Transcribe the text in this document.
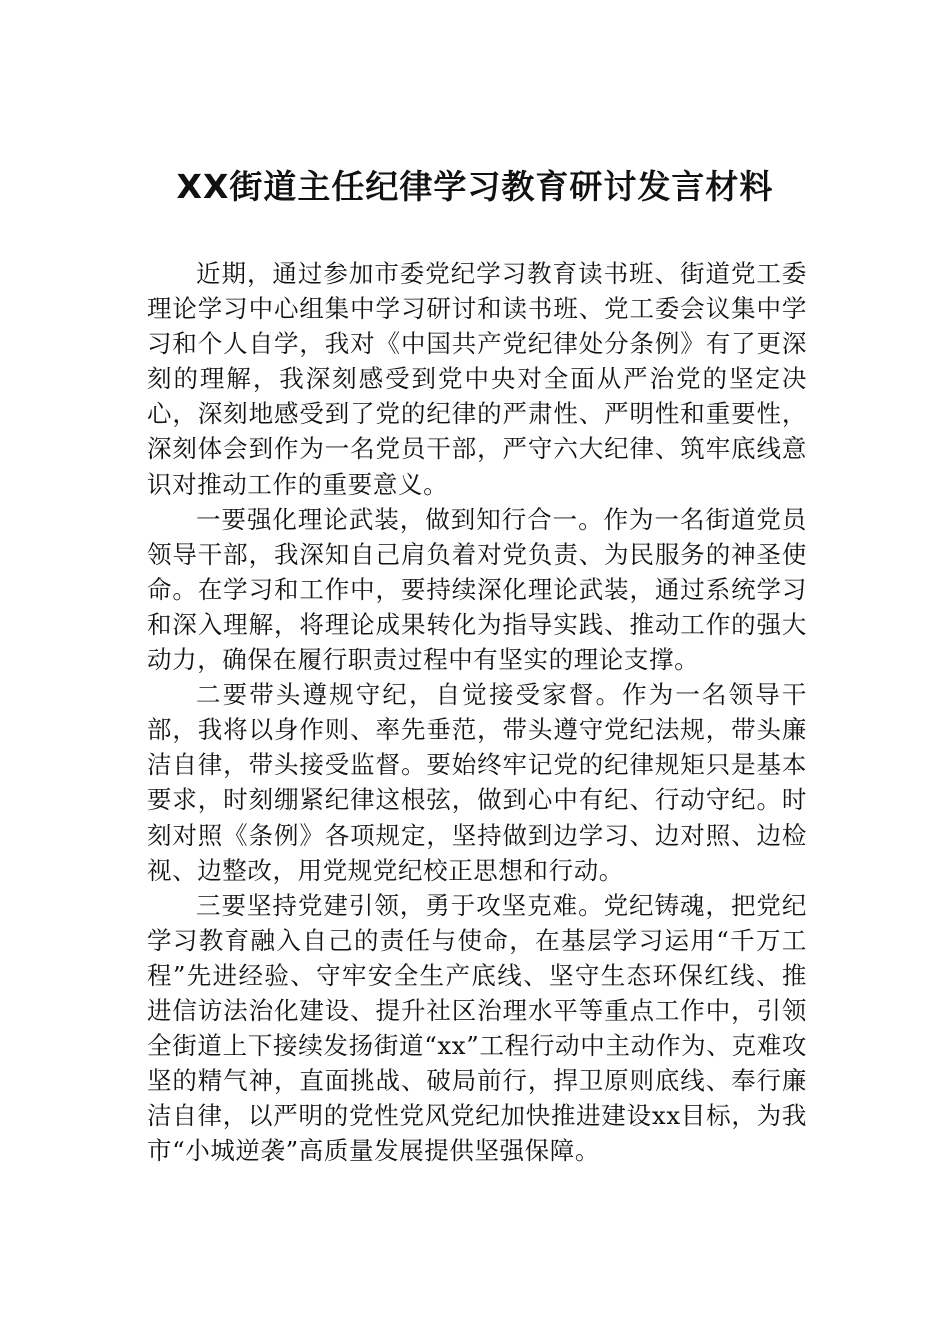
XX街道主任纪律学习教育研讨发言材料

近期，通过参加市委党纪学习教育读书班、街道党工委理论学习中心组集中学习研讨和读书班、党工委会议集中学习和个人自学，我对《中国共产党纪律处分条例》有了更深刻的理解，我深刻感受到党中央对全面从严治党的坚定决心，深刻地感受到了党的纪律的严肃性、严明性和重要性，深刻体会到作为一名党员干部，严守六大纪律、筑牢底线意识对推动工作的重要意义。

一要强化理论武装，做到知行合一。作为一名街道党员领导干部，我深知自己肩负着对党负责、为民服务的神圣使命。在学习和工作中，要持续深化理论武装，通过系统学习和深入理解，将理论成果转化为指导实践、推动工作的强大动力，确保在履行职责过程中有坚实的理论支撑。

二要带头遵规守纪，自觉接受家督。作为一名领导干部，我将以身作则、率先垂范，带头遵守党纪法规，带头廉洁自律，带头接受监督。要始终牢记党的纪律规矩只是基本要求，时刻绷紧纪律这根弦，做到心中有纪、行动守纪。时刻对照《条例》各项规定，坚持做到边学习、边对照、边检视、边整改，用党规党纪校正思想和行动。

三要坚持党建引领，勇于攻坚克难。党纪铸魂，把党纪学习教育融入自己的责任与使命，在基层学习运用“千万工程”先进经验、守牢安全生产底线、坚守生态环保红线、推进信访法治化建设、提升社区治理水平等重点工作中，引领全街道上下接续发扬街道“xx”工程行动中主动作为、克难攻坚的精气神，直面挑战、破局前行，捍卫原则底线、奉行廉洁自律，以严明的党性党风党纪加快推进建设xx目标，为我市“小城逆袭”高质量发展提供坚强保障。
